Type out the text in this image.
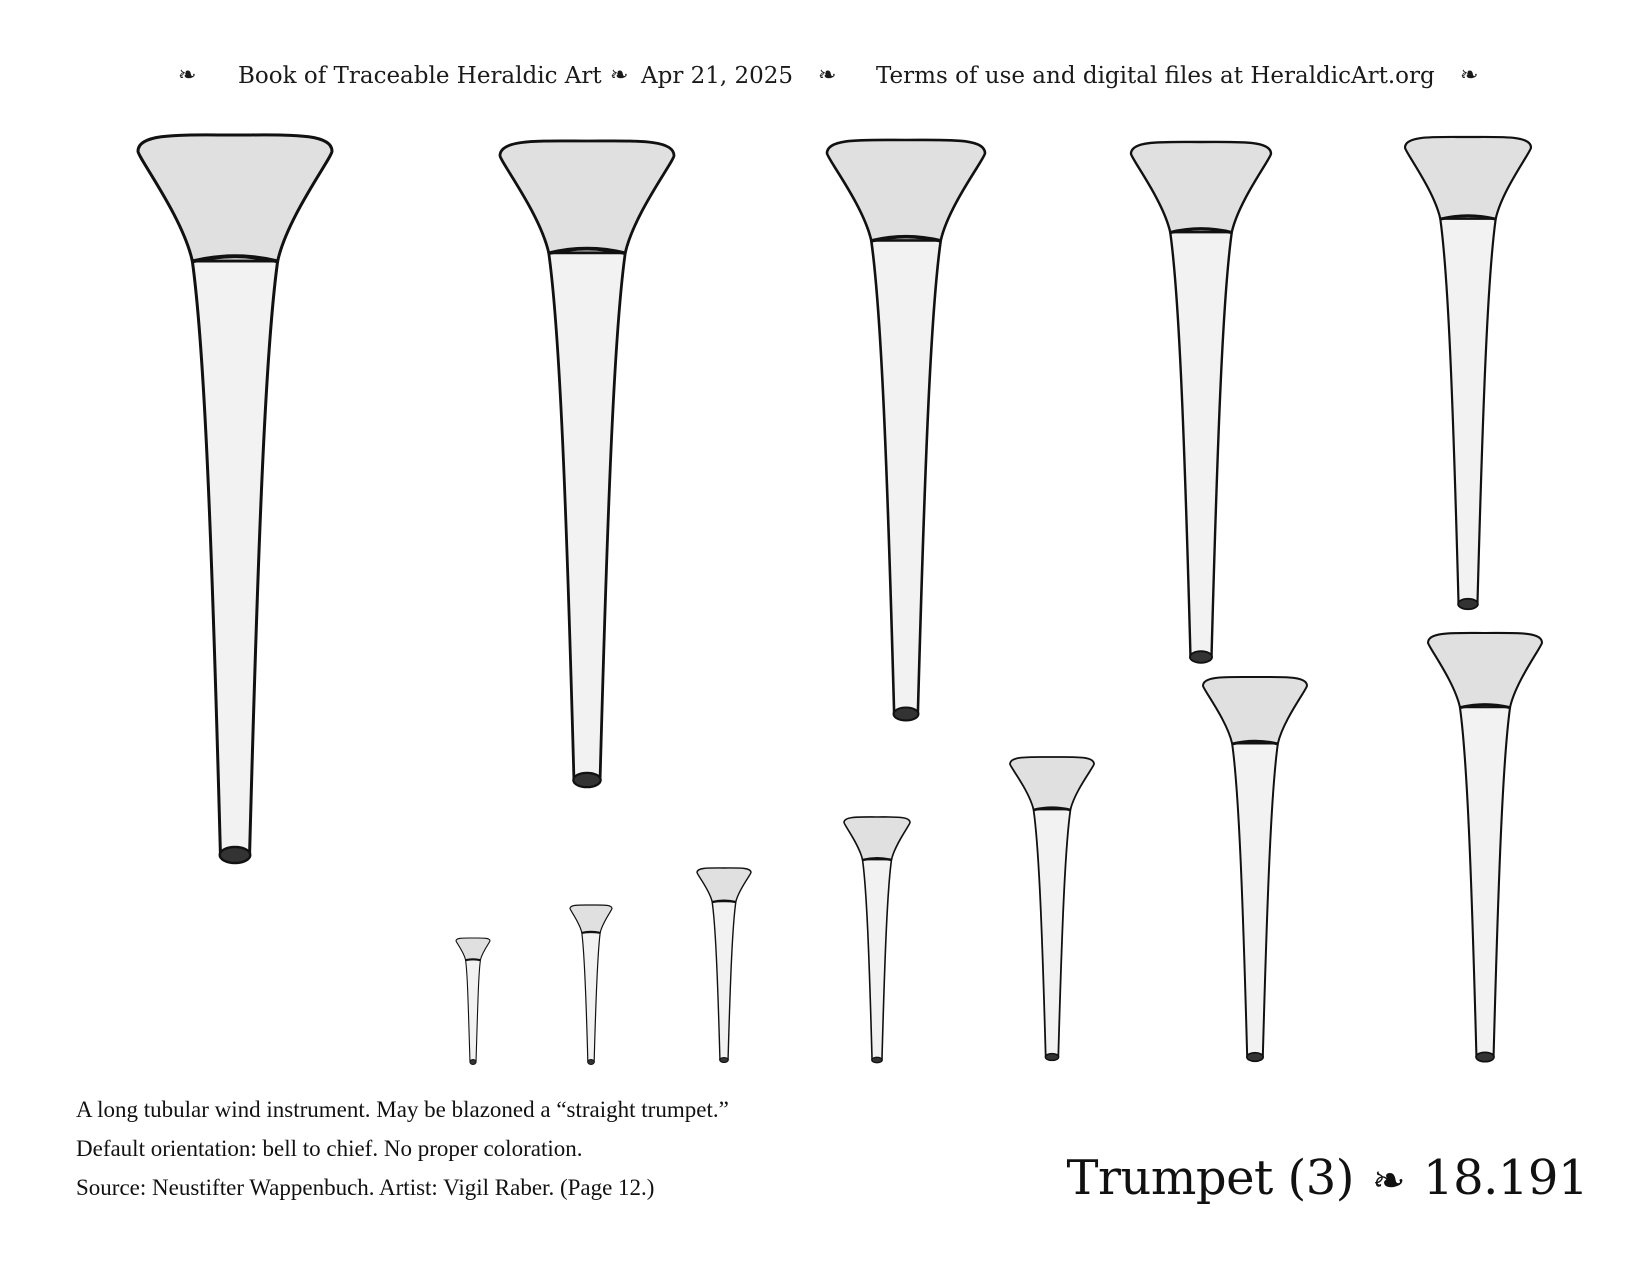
❧ Book of Traceable Heraldic Art ❧ Apr 21, 2025 ❧ Terms of use and digital files at HeraldicArt.org ❧
A long tubular wind instrument. May be blazoned a “straight trumpet.”
Default orientation: bell to chief. No proper coloration.
Source: Neustifter Wappenbuch. Artist: Vigil Raber. (Page 12.)	Trumpet (3) ❧ 18.191
